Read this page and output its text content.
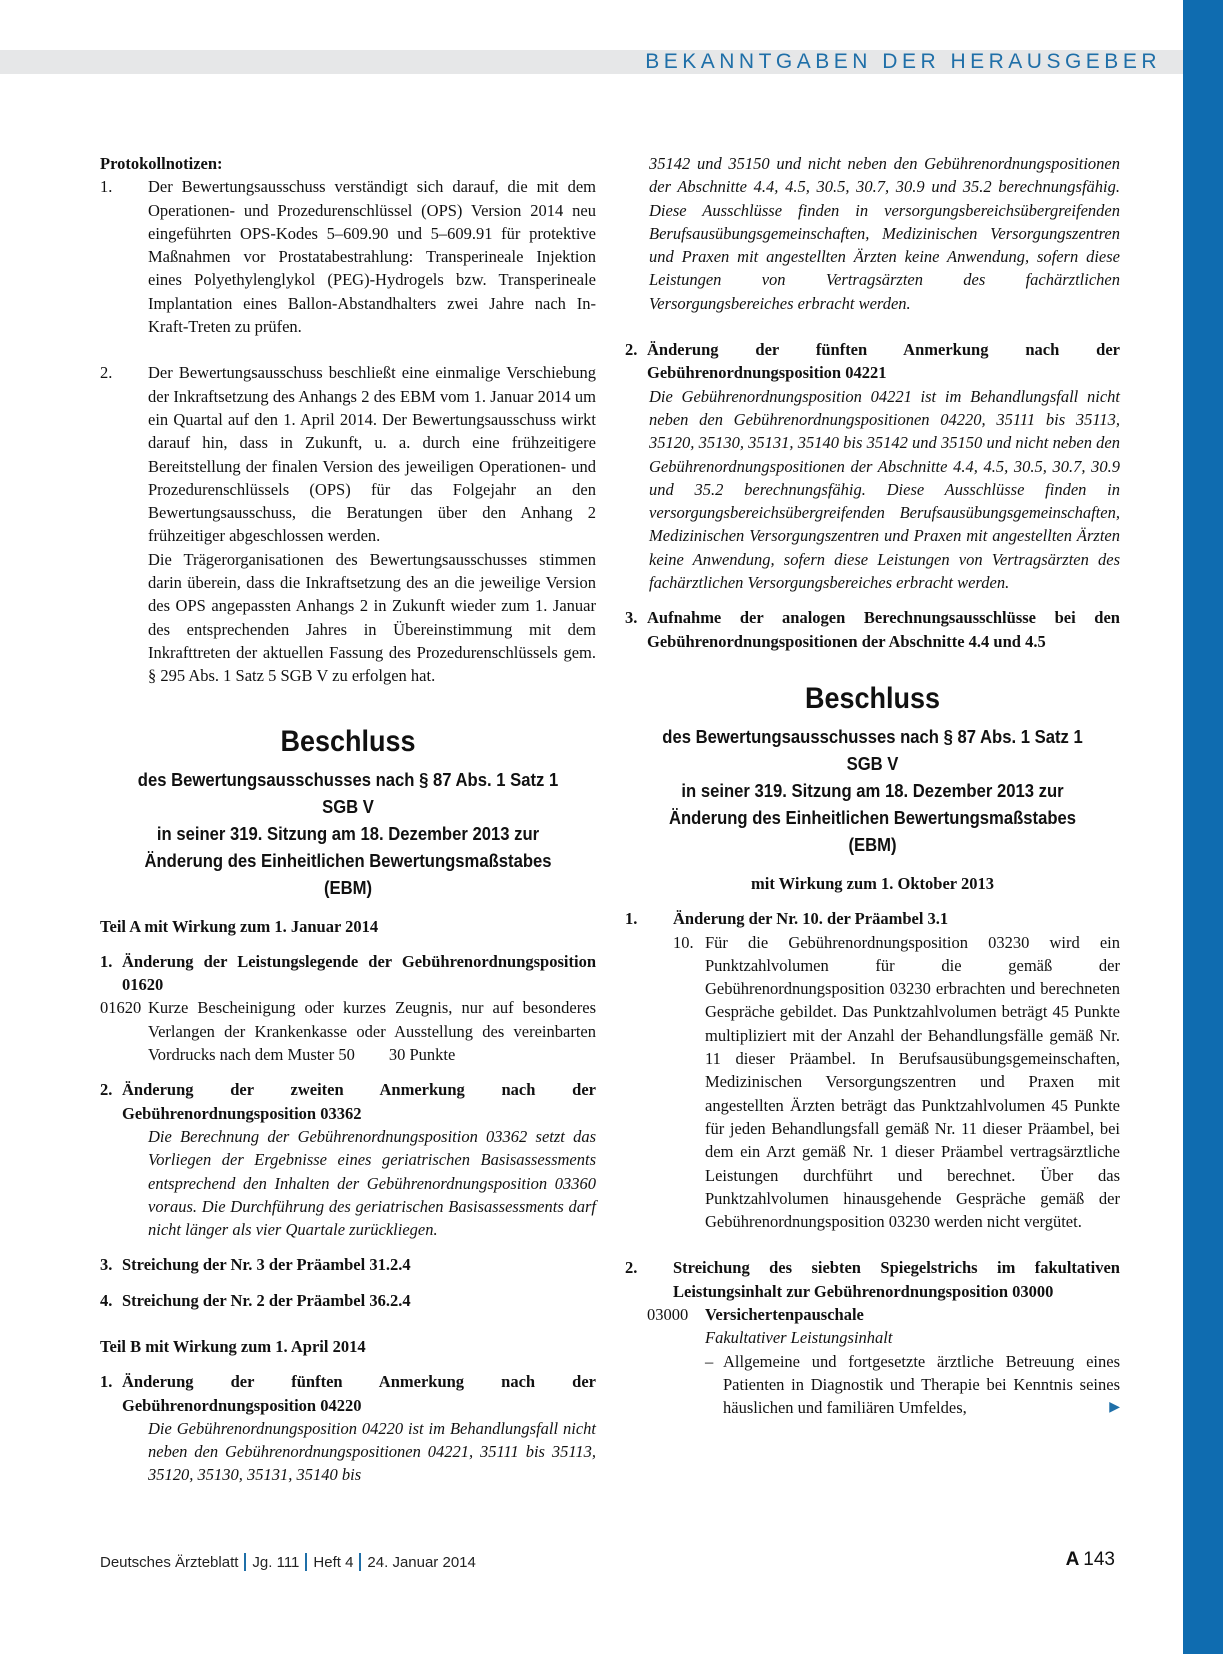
BEKANNTGABEN DER HERAUSGEBER
Protokollnotizen:
1.	Der Bewertungsausschuss verständigt sich darauf, die mit dem Operationen- und Prozedurenschlüssel (OPS) Version 2014 neu eingeführten OPS-Kodes 5–609.90 und 5–609.91 für protektive Maßnahmen vor Prostatabestrahlung: Transperineale Injektion eines Polyethylenglykol (PEG)-Hydrogels bzw. Transperineale Implantation eines Ballon-Abstandhalters zwei Jahre nach In-Kraft-Treten zu prüfen.
2.	Der Bewertungsausschuss beschließt eine einmalige Verschiebung der Inkraftsetzung des Anhangs 2 des EBM vom 1. Januar 2014 um ein Quartal auf den 1. April 2014. Der Bewertungsausschuss wirkt darauf hin, dass in Zukunft, u. a. durch eine frühzeitigere Bereitstellung der finalen Version des jeweiligen Operationen- und Prozedurenschlüssels (OPS) für das Folgejahr an den Bewertungsausschuss, die Beratungen über den Anhang 2 frühzeitiger abgeschlossen werden.
Die Trägerorganisationen des Bewertungsausschusses stimmen darin überein, dass die Inkraftsetzung des an die jeweilige Version des OPS angepassten Anhangs 2 in Zukunft wieder zum 1. Januar des entsprechenden Jahres in Übereinstimmung mit dem Inkrafttreten der aktuellen Fassung des Prozedurenschlüssels gem. § 295 Abs. 1 Satz 5 SGB V zu erfolgen hat.
Beschluss
des Bewertungsausschusses nach § 87 Abs. 1 Satz 1 SGB V
in seiner 319. Sitzung am 18. Dezember 2013 zur
Änderung des Einheitlichen Bewertungsmaßstabes (EBM)
Teil A mit Wirkung zum 1. Januar 2014
1. Änderung der Leistungslegende der Gebührenordnungsposition 01620
01620 Kurze Bescheinigung oder kurzes Zeugnis, nur auf besonderes Verlangen der Krankenkasse oder Ausstellung des vereinbarten Vordrucks nach dem Muster 50 30 Punkte
2. Änderung der zweiten Anmerkung nach der Gebührenordnungsposition 03362
Die Berechnung der Gebührenordnungsposition 03362 setzt das Vorliegen der Ergebnisse eines geriatrischen Basisassessments entsprechend den Inhalten der Gebührenordnungsposition 03360 voraus. Die Durchführung des geriatrischen Basisassessments darf nicht länger als vier Quartale zurückliegen.
3. Streichung der Nr. 3 der Präambel 31.2.4
4. Streichung der Nr. 2 der Präambel 36.2.4
Teil B mit Wirkung zum 1. April 2014
1. Änderung der fünften Anmerkung nach der Gebührenordnungsposition 04220
Die Gebührenordnungsposition 04220 ist im Behandlungsfall nicht neben den Gebührenordnungspositionen 04221, 35111 bis 35113, 35120, 35130, 35131, 35140 bis
35142 und 35150 und nicht neben den Gebührenordnungspositionen der Abschnitte 4.4, 4.5, 30.5, 30.7, 30.9 und 35.2 berechnungsfähig. Diese Ausschlüsse finden in versorgungsbereichsübergreifenden Berufsausübungsgemeinschaften, Medizinischen Versorgungszentren und Praxen mit angestellten Ärzten keine Anwendung, sofern diese Leistungen von Vertragsärzten des fachärztlichen Versorgungsbereiches erbracht werden.
2. Änderung der fünften Anmerkung nach der Gebührenordnungsposition 04221
Die Gebührenordnungsposition 04221 ist im Behandlungsfall nicht neben den Gebührenordnungspositionen 04220, 35111 bis 35113, 35120, 35130, 35131, 35140 bis 35142 und 35150 und nicht neben den Gebührenordnungspositionen der Abschnitte 4.4, 4.5, 30.5, 30.7, 30.9 und 35.2 berechnungsfähig. Diese Ausschlüsse finden in versorgungsbereichsübergreifenden Berufsausübungsgemeinschaften, Medizinischen Versorgungszentren und Praxen mit angestellten Ärzten keine Anwendung, sofern diese Leistungen von Vertragsärzten des fachärztlichen Versorgungsbereiches erbracht werden.
3. Aufnahme der analogen Berechnungsausschlüsse bei den Gebührenordnungspositionen der Abschnitte 4.4 und 4.5
Beschluss
des Bewertungsausschusses nach § 87 Abs. 1 Satz 1 SGB V
in seiner 319. Sitzung am 18. Dezember 2013 zur
Änderung des Einheitlichen Bewertungsmaßstabes (EBM)
mit Wirkung zum 1. Oktober 2013
1.	Änderung der Nr. 10. der Präambel 3.1
10. Für die Gebührenordnungsposition 03230 wird ein Punktzahlvolumen für die gemäß der Gebührenordnungsposition 03230 erbrachten und berechneten Gespräche gebildet. Das Punktzahlvolumen beträgt 45 Punkte multipliziert mit der Anzahl der Behandlungsfälle gemäß Nr. 11 dieser Präambel. In Berufsausübungsgemeinschaften, Medizinischen Versorgungszentren und Praxen mit angestellten Ärzten beträgt das Punktzahlvolumen 45 Punkte für jeden Behandlungsfall gemäß Nr. 11 dieser Präambel, bei dem ein Arzt gemäß Nr. 1 dieser Präambel vertragsärztliche Leistungen durchführt und berechnet. Über das Punktzahlvolumen hinausgehende Gespräche gemäß der Gebührenordnungsposition 03230 werden nicht vergütet.
2.	Streichung des siebten Spiegelstrichs im fakultativen Leistungsinhalt zur Gebührenordnungsposition 03000
03000	Versichertenpauschale
Fakultativer Leistungsinhalt
– Allgemeine und fortgesetzte ärztliche Betreuung eines Patienten in Diagnostik und Therapie bei Kenntnis seines häuslichen und familiären Umfeldes,	▶
Deutsches Ärzteblatt Jg. 111 Heft 4 24. Januar 2014	A 143
